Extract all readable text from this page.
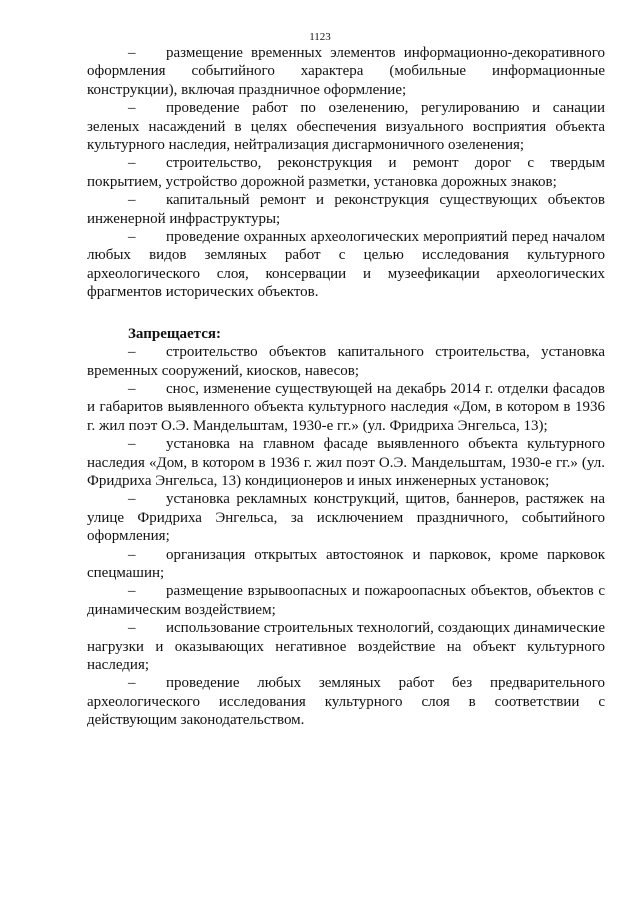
1123

– размещение временных элементов информационно-декоративного оформления событийного характера (мобильные информационные конструкции), включая праздничное оформление;

– проведение работ по озеленению, регулированию и санации зеленых насаждений в целях обеспечения визуального восприятия объекта культурного наследия, нейтрализация дисгармоничного озеленения;

– строительство, реконструкция и ремонт дорог с твердым покрытием, устройство дорожной разметки, установка дорожных знаков;

– капитальный ремонт и реконструкция существующих объектов инженерной инфраструктуры;

– проведение охранных археологических мероприятий перед началом любых видов земляных работ с целью исследования культурного археологического слоя, консервации и музеефикации археологических фрагментов исторических объектов.

Запрещается:

– строительство объектов капитального строительства, установка временных сооружений, киосков, навесов;

– снос, изменение существующей на декабрь 2014 г. отделки фасадов и габаритов выявленного объекта культурного наследия «Дом, в котором в 1936 г. жил поэт О.Э. Мандельштам, 1930-е гг.» (ул. Фридриха Энгельса, 13);

– установка на главном фасаде выявленного объекта культурного наследия «Дом, в котором в 1936 г. жил поэт О.Э. Мандельштам, 1930-е гг.» (ул. Фридриха Энгельса, 13) кондиционеров и иных инженерных установок;

– установка рекламных конструкций, щитов, баннеров, растяжек на улице Фридриха Энгельса, за исключением праздничного, событийного оформления;

– организация открытых автостоянок и парковок, кроме парковок спецмашин;

– размещение взрывоопасных и пожароопасных объектов, объектов с динамическим воздействием;

– использование строительных технологий, создающих динамические нагрузки и оказывающих негативное воздействие на объект культурного наследия;

– проведение любых земляных работ без предварительного археологического исследования культурного слоя в соответствии с действующим законодательством.
